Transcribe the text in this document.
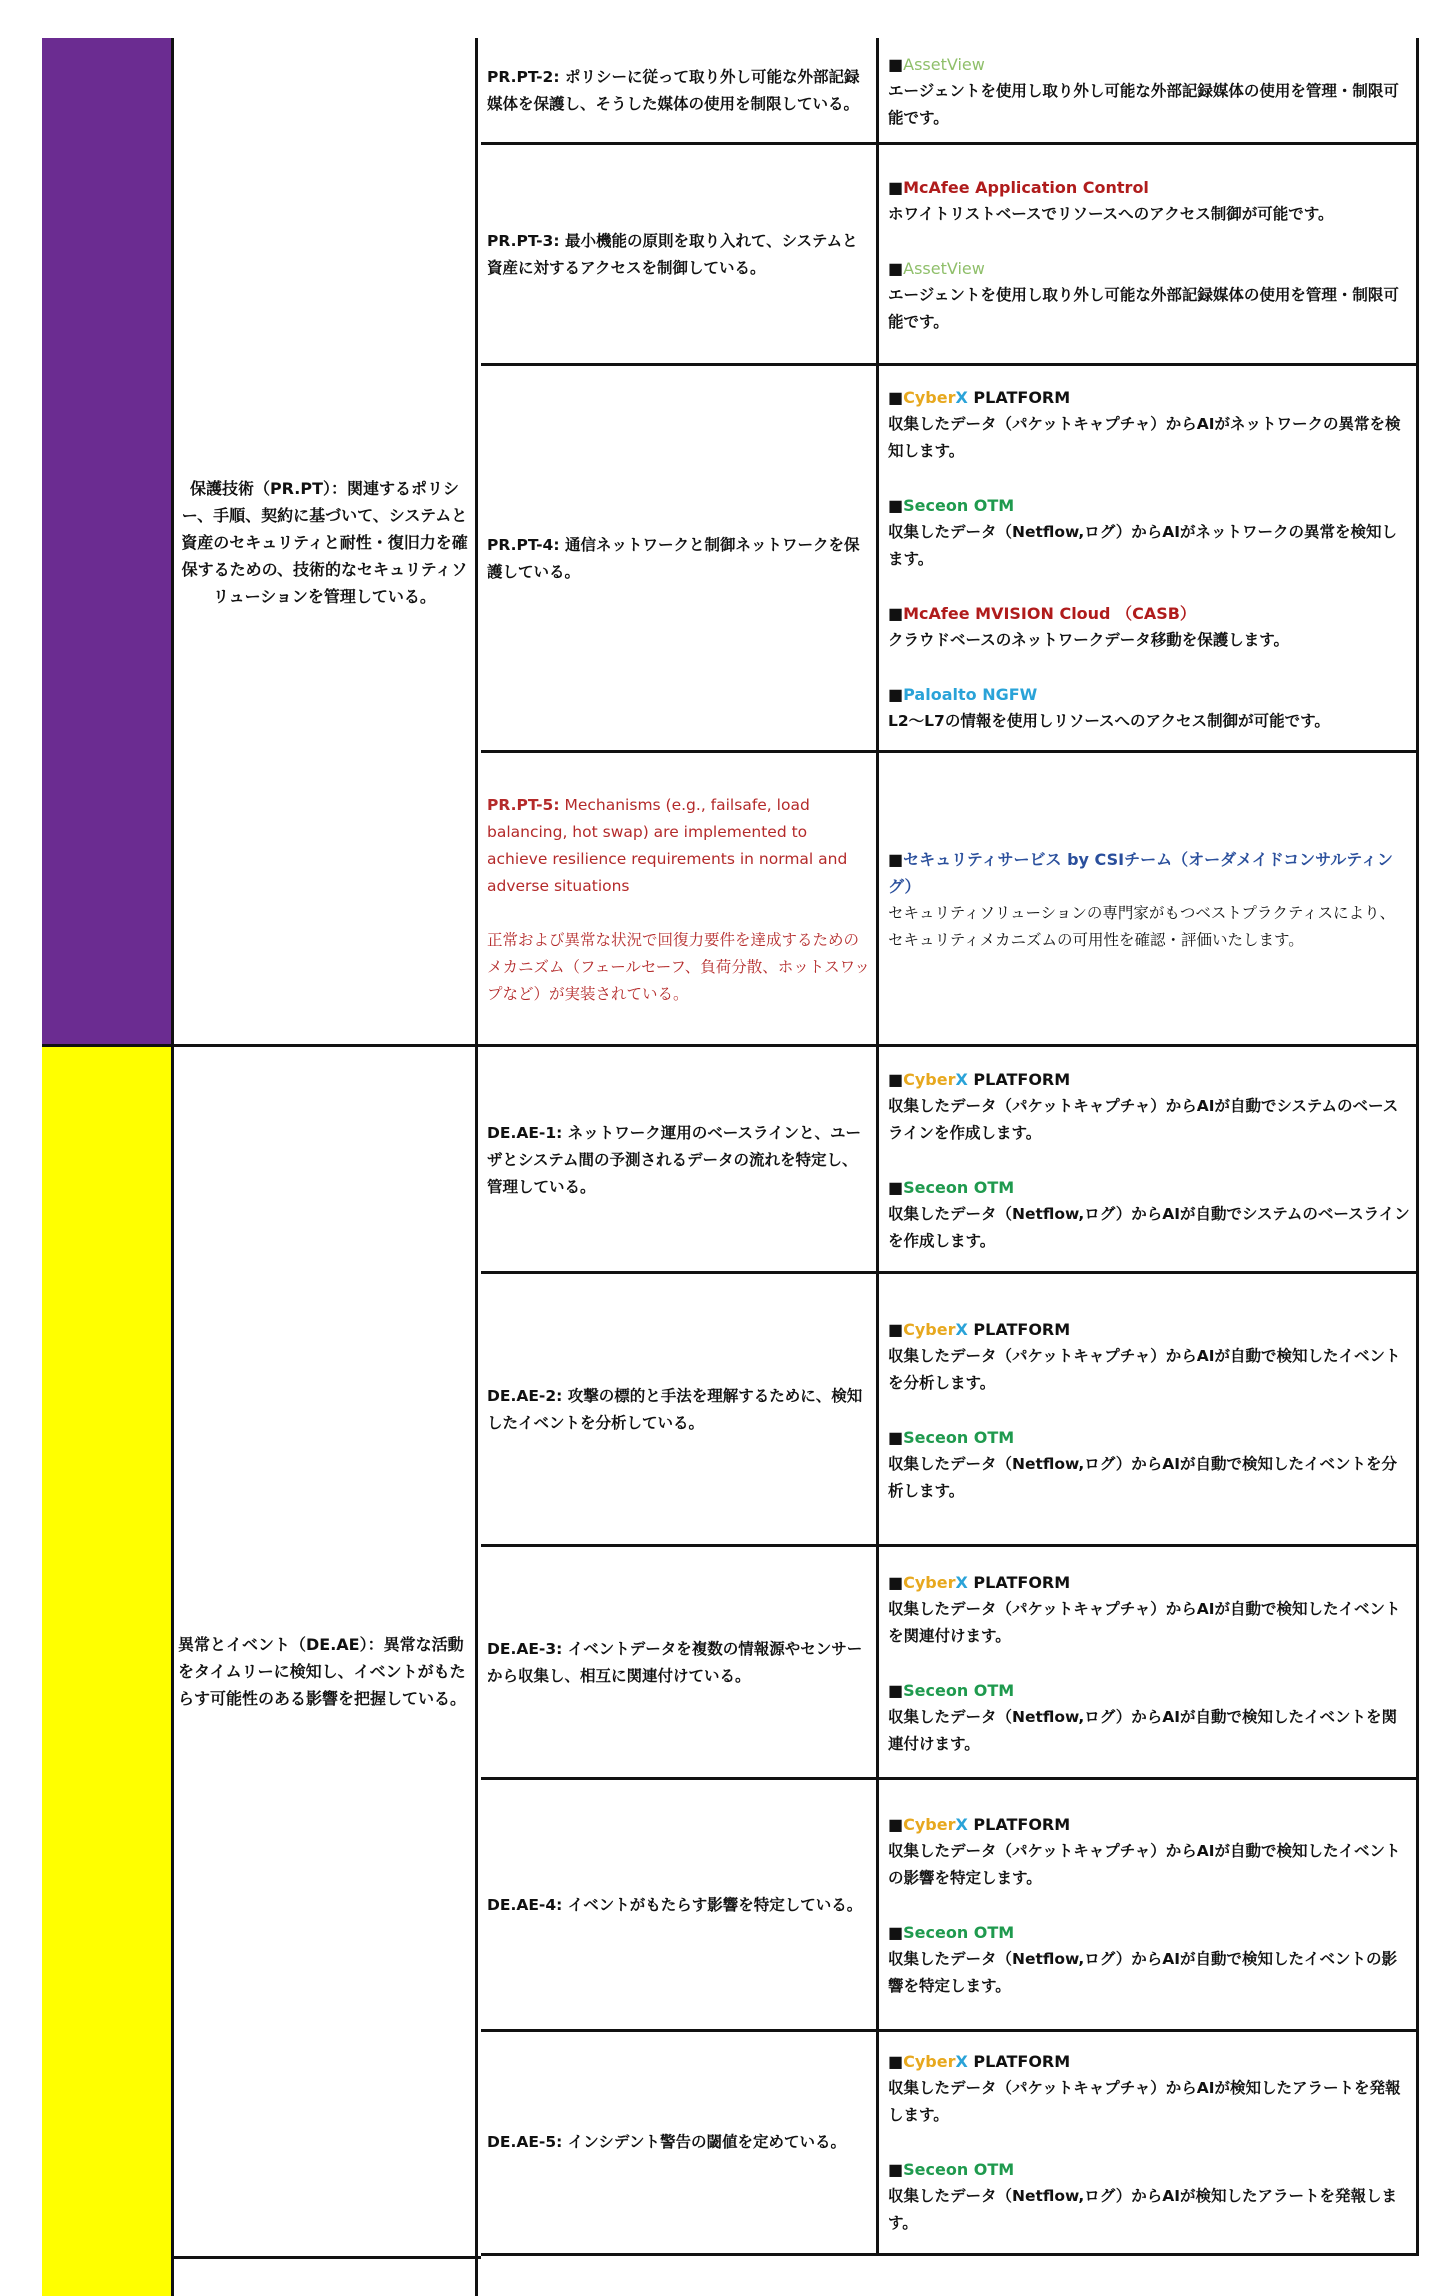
保護技術（PR.PT）：関連するポリシー、手順、契約に基づいて、システムと資産のセキュリティと耐性・復旧力を確保するための、技術的なセキュリティソリューションを管理している。
PR.PT-2: ポリシーに従って取り外し可能な外部記録媒体を保護し、そうした媒体の使用を制限している。
■AssetView
エージェントを使用し取り外し可能な外部記録媒体の使用を管理・制限可能です。
PR.PT-3: 最小機能の原則を取り入れて、システムと資産に対するアクセスを制御している。
■McAfee Application Control
ホワイトリストベースでリソースへのアクセス制御が可能です。
■AssetView
エージェントを使用し取り外し可能な外部記録媒体の使用を管理・制限可能です。
PR.PT-4: 通信ネットワークと制御ネットワークを保護している。
■CyberX PLATFORM
収集したデータ（パケットキャプチャ）からAIがネットワークの異常を検知します。
■Seceon OTM
収集したデータ（Netflow,ログ）からAIがネットワークの異常を検知します。
■McAfee MVISION Cloud （CASB）
クラウドベースのネットワークデータ移動を保護します。
■Paloalto NGFW
L2～L7の情報を使用しリソースへのアクセス制御が可能です。
PR.PT-5: Mechanisms (e.g., failsafe, load balancing, hot swap) are implemented to achieve resilience requirements in normal and adverse situations
正常および異常な状況で回復力要件を達成するためのメカニズム（フェールセーフ、負荷分散、ホットスワップなど）が実装されている。
■セキュリティサービス by CSIチーム（オーダメイドコンサルティング）
セキュリティソリューションの専門家がもつベストプラクティスにより、セキュリティメカニズムの可用性を確認・評価いたします。
異常とイベント（DE.AE）：異常な活動をタイムリーに検知し、イベントがもたらす可能性のある影響を把握している。
DE.AE-1: ネットワーク運用のベースラインと、ユーザとシステム間の予測されるデータの流れを特定し、管理している。
■CyberX PLATFORM
収集したデータ（パケットキャプチャ）からAIが自動でシステムのベースラインを作成します。
■Seceon OTM
収集したデータ（Netflow,ログ）からAIが自動でシステムのベースラインを作成します。
DE.AE-2: 攻撃の標的と手法を理解するために、検知したイベントを分析している。
■CyberX PLATFORM
収集したデータ（パケットキャプチャ）からAIが自動で検知したイベントを分析します。
■Seceon OTM
収集したデータ（Netflow,ログ）からAIが自動で検知したイベントを分析します。
DE.AE-3: イベントデータを複数の情報源やセンサーから収集し、相互に関連付けている。
■CyberX PLATFORM
収集したデータ（パケットキャプチャ）からAIが自動で検知したイベントを関連付けます。
■Seceon OTM
収集したデータ（Netflow,ログ）からAIが自動で検知したイベントを関連付けます。
DE.AE-4: イベントがもたらす影響を特定している。
■CyberX PLATFORM
収集したデータ（パケットキャプチャ）からAIが自動で検知したイベントの影響を特定します。
■Seceon OTM
収集したデータ（Netflow,ログ）からAIが自動で検知したイベントの影響を特定します。
DE.AE-5: インシデント警告の閾値を定めている。
■CyberX PLATFORM
収集したデータ（パケットキャプチャ）からAIが検知したアラートを発報します。
■Seceon OTM
収集したデータ（Netflow,ログ）からAIが検知したアラートを発報します。
